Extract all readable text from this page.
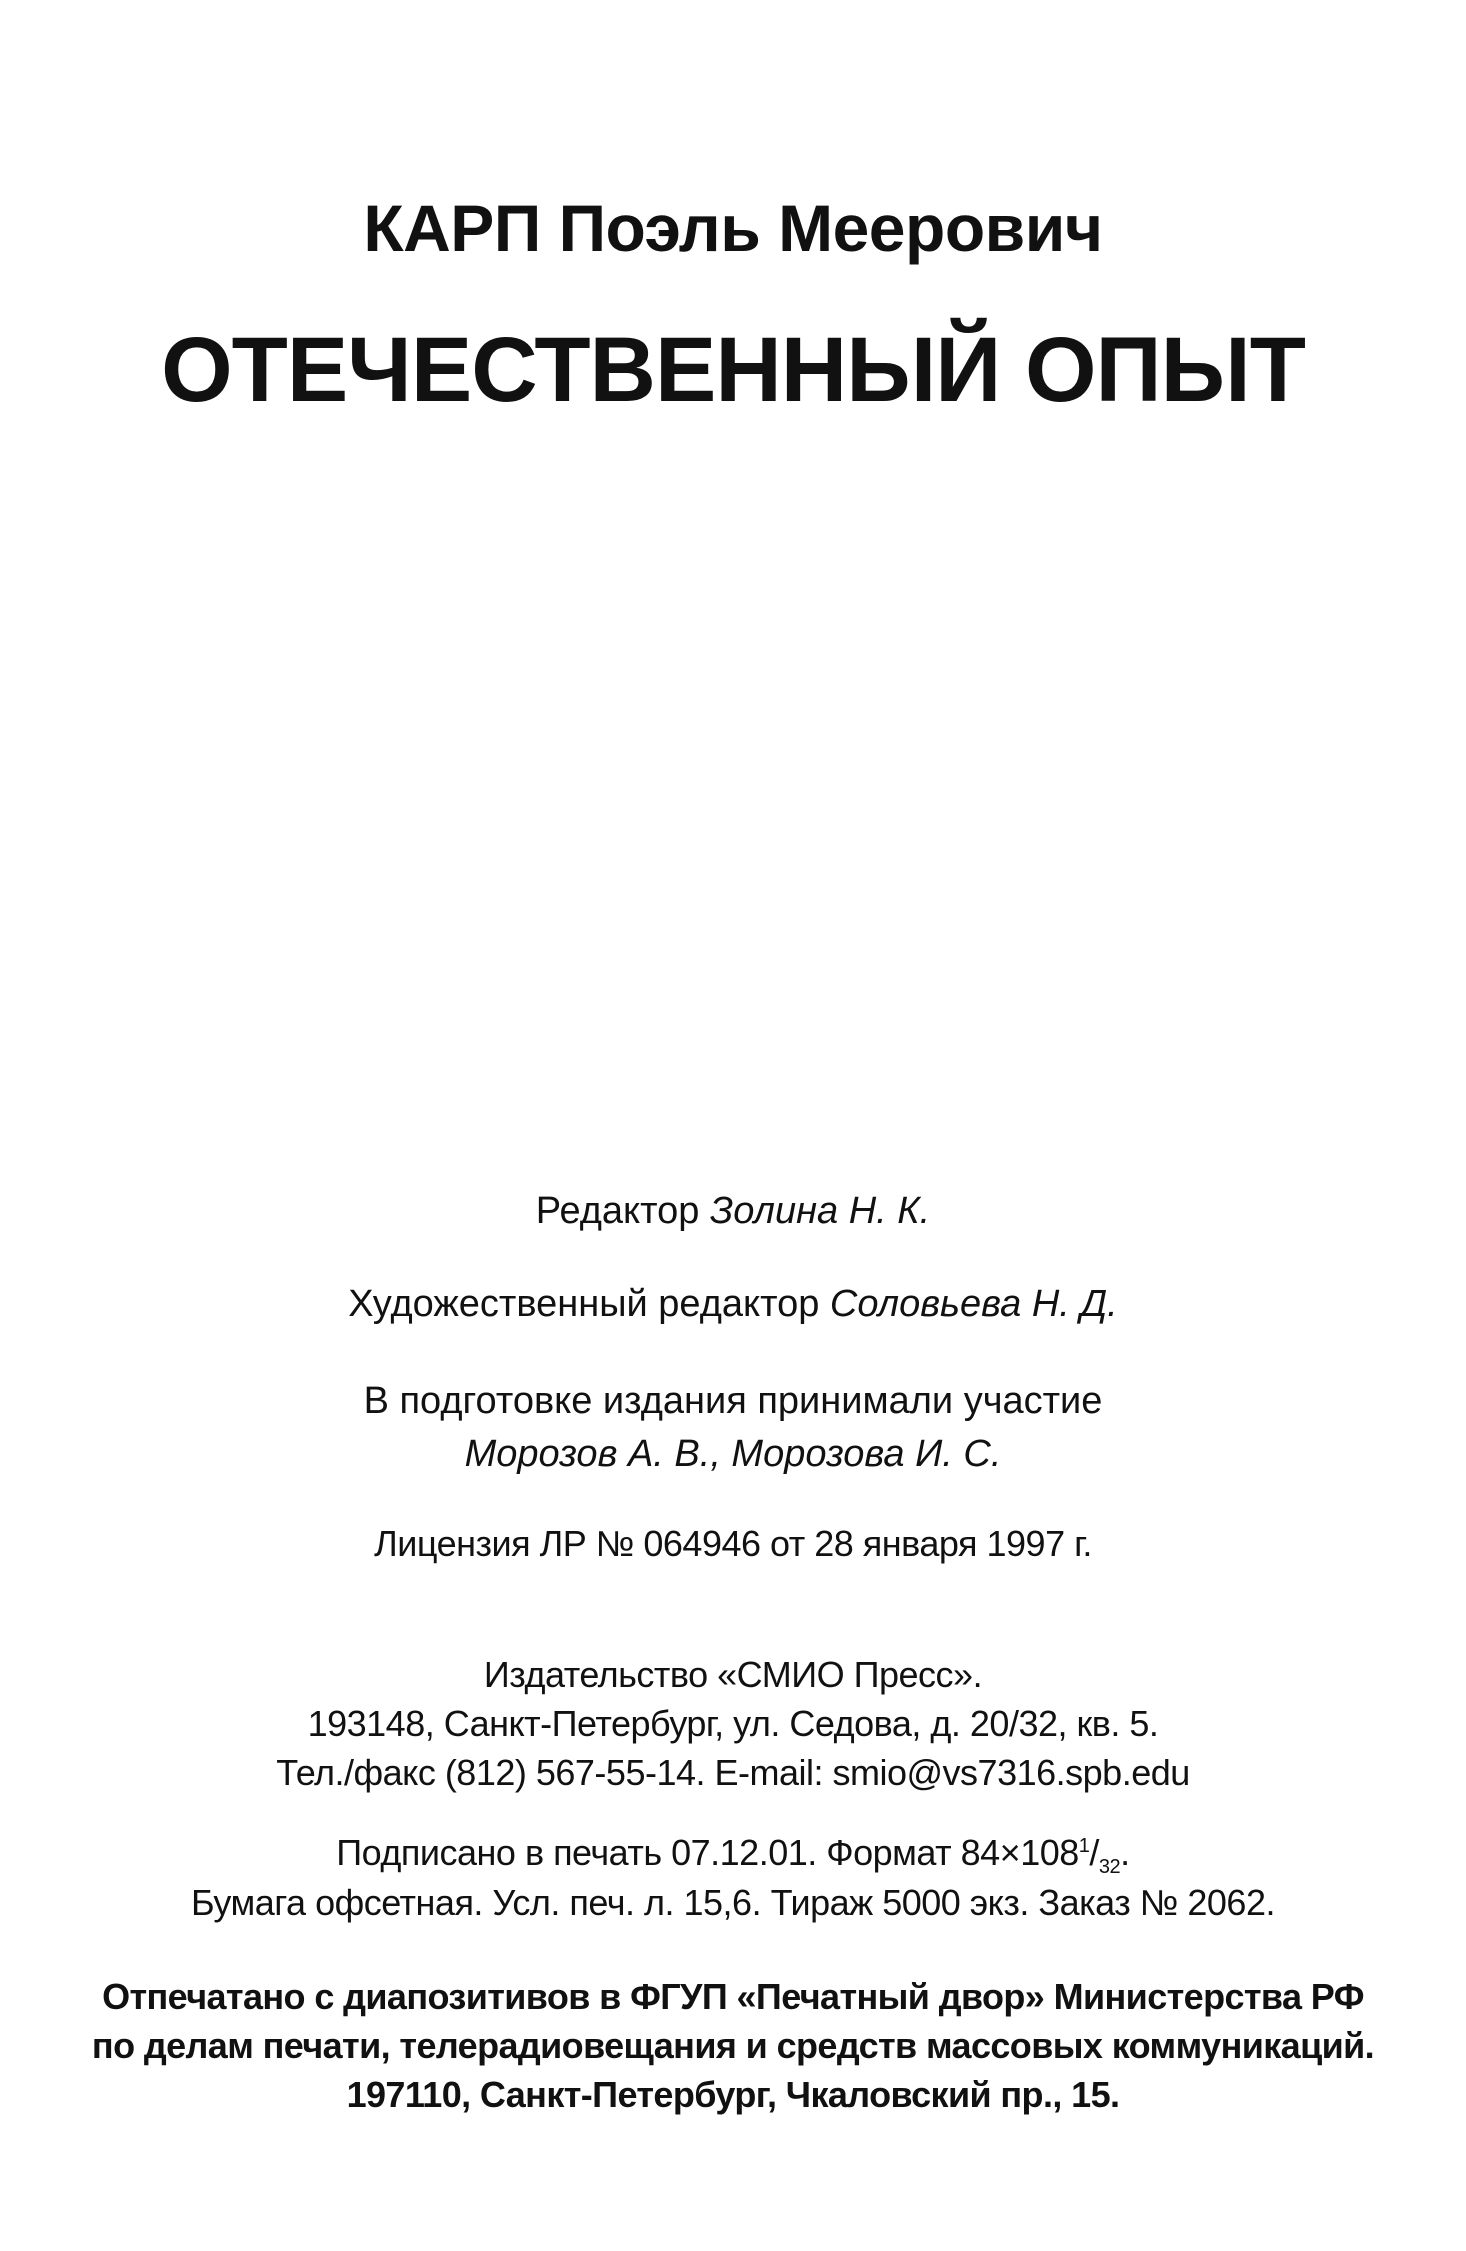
КАРП Поэль Меерович
ОТЕЧЕСТВЕННЫЙ ОПЫТ
Редактор Золина Н. К.
Художественный редактор Соловьева Н. Д.
В подготовке издания принимали участие
Морозов А. В., Морозова И. С.
Лицензия ЛР № 064946 от 28 января 1997 г.
Издательство «СМИО Пресс».
193148, Санкт-Петербург, ул. Седова, д. 20/32, кв. 5.
Тел./факс (812) 567-55-14. E-mail: smio@vs7316.spb.edu
Подписано в печать 07.12.01. Формат $84\times 108^1/_{32}$.
Бумага офсетная. Усл. печ. л. 15,6. Тираж 5000 экз. Заказ № 2062.
Отпечатано с диапозитивов в ФГУП «Печатный двор» Министерства РФ
по делам печати, телерадиовещания и средств массовых коммуникаций.
197110, Санкт-Петербург, Чкаловский пр., 15.
